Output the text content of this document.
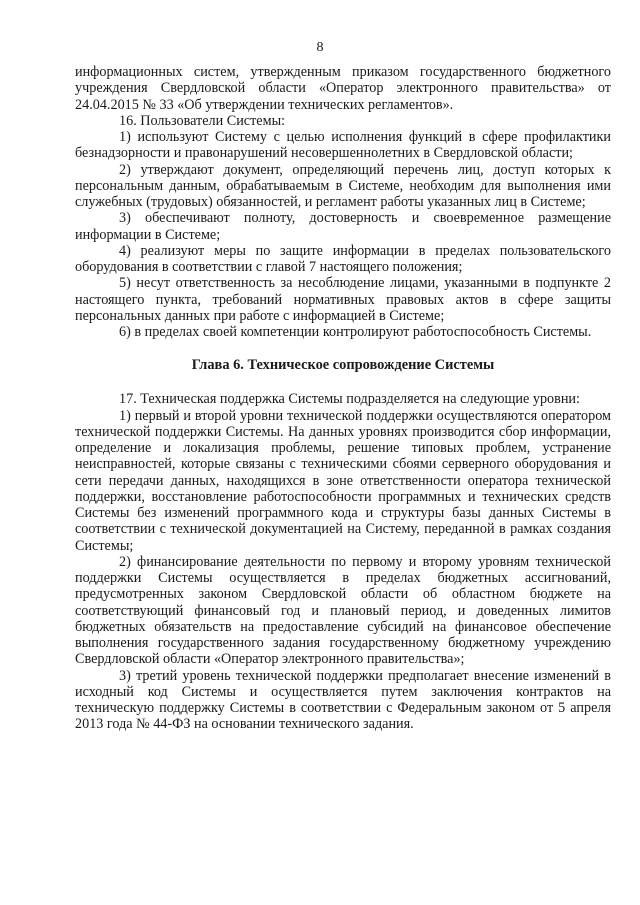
8

информационных систем, утвержденным приказом государственного бюджетного учреждения Свердловской области «Оператор электронного правительства» от 24.04.2015 № 33 «Об утверждении технических регламентов».

16. Пользователи Системы:

1) используют Систему с целью исполнения функций в сфере профилактики безнадзорности и правонарушений несовершеннолетних в Свердловской области;

2) утверждают документ, определяющий перечень лиц, доступ которых к персональным данным, обрабатываемым в Системе, необходим для выполнения ими служебных (трудовых) обязанностей, и регламент работы указанных лиц в Системе;

3) обеспечивают полноту, достоверность и своевременное размещение информации в Системе;

4) реализуют меры по защите информации в пределах пользовательского оборудования в соответствии с главой 7 настоящего положения;

5) несут ответственность за несоблюдение лицами, указанными в подпункте 2 настоящего пункта, требований нормативных правовых актов в сфере защиты персональных данных при работе с информацией в Системе;

6) в пределах своей компетенции контролируют работоспособность Системы.

Глава 6. Техническое сопровождение Системы

17. Техническая поддержка Системы подразделяется на следующие уровни:

1) первый и второй уровни технической поддержки осуществляются оператором технической поддержки Системы. На данных уровнях производится сбор информации, определение и локализация проблемы, решение типовых проблем, устранение неисправностей, которые связаны с техническими сбоями серверного оборудования и сети передачи данных, находящихся в зоне ответственности оператора технической поддержки, восстановление работоспособности программных и технических средств Системы без изменений программного кода и структуры базы данных Системы в соответствии с технической документацией на Систему, переданной в рамках создания Системы;

2) финансирование деятельности по первому и второму уровням технической поддержки Системы осуществляется в пределах бюджетных ассигнований, предусмотренных законом Свердловской области об областном бюджете на соответствующий финансовый год и плановый период, и доведенных лимитов бюджетных обязательств на предоставление субсидий на финансовое обеспечение выполнения государственного задания государственному бюджетному учреждению Свердловской области «Оператор электронного правительства»;

3) третий уровень технической поддержки предполагает внесение изменений в исходный код Системы и осуществляется путем заключения контрактов на техническую поддержку Системы в соответствии с Федеральным законом от 5 апреля 2013 года № 44-ФЗ на основании технического задания.
